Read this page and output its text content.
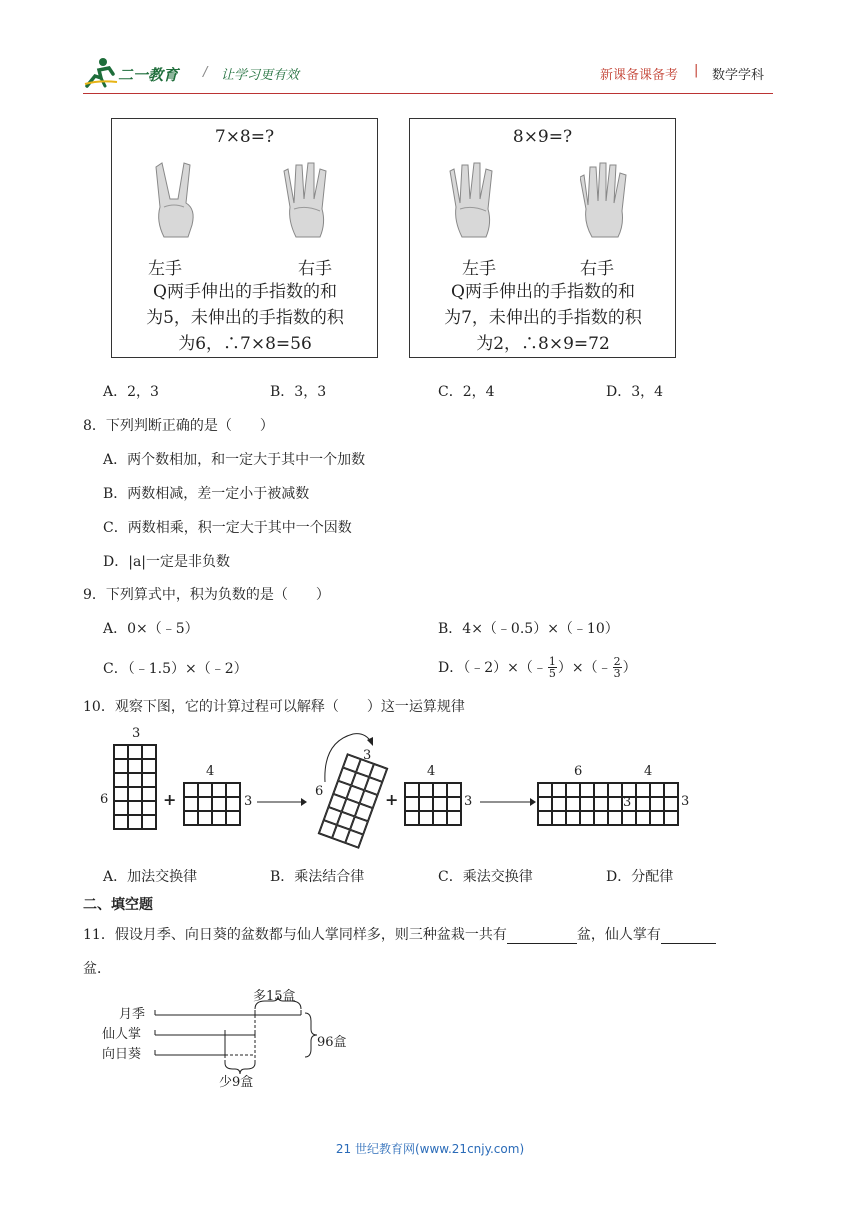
二一教育 / 让学习更有效	新课备课备考 | 数学学科
7×8=?
左手	右手
Q两手伸出的手指数的和
为5，未伸出的手指数的积
为6，∴7×8=56
8×9=?
左手	右手
Q两手伸出的手指数的和
为7，未伸出的手指数的积
为2，∴8×9=72
A．2，3	B．3，3	C．2，4	D．3，4
8．下列判断正确的是（　　）
A．两个数相加，和一定大于其中一个加数
B．两数相减，差一定小于被减数
C．两数相乘，积一定大于其中一个因数
D．|a|一定是非负数
9．下列算式中，积为负数的是（　　）
A．0×（﹣5）	B．4×（﹣0.5）×（﹣10）
C．（﹣1.5）×（﹣2）	D．（﹣2）×（﹣ $\frac{1}{5}$ ）×（﹣ $\frac{2}{3}$ ）
10．观察下图，它的计算过程可以解释（　　）这一运算规律
3
6	+
4
3
3
6	+
4
3
6	4
3	3
A．加法交换律	B．乘法结合律	C．乘法交换律	D．分配律
二、填空题
11．假设月季、向日葵的盆数都与仙人掌同样多，则三种盆栽一共有	盆，仙人掌有
盆．
月季
仙人掌
向日葵
多15盒
少9盒
96盒
21 世纪教育网(www.21cnjy.com)
